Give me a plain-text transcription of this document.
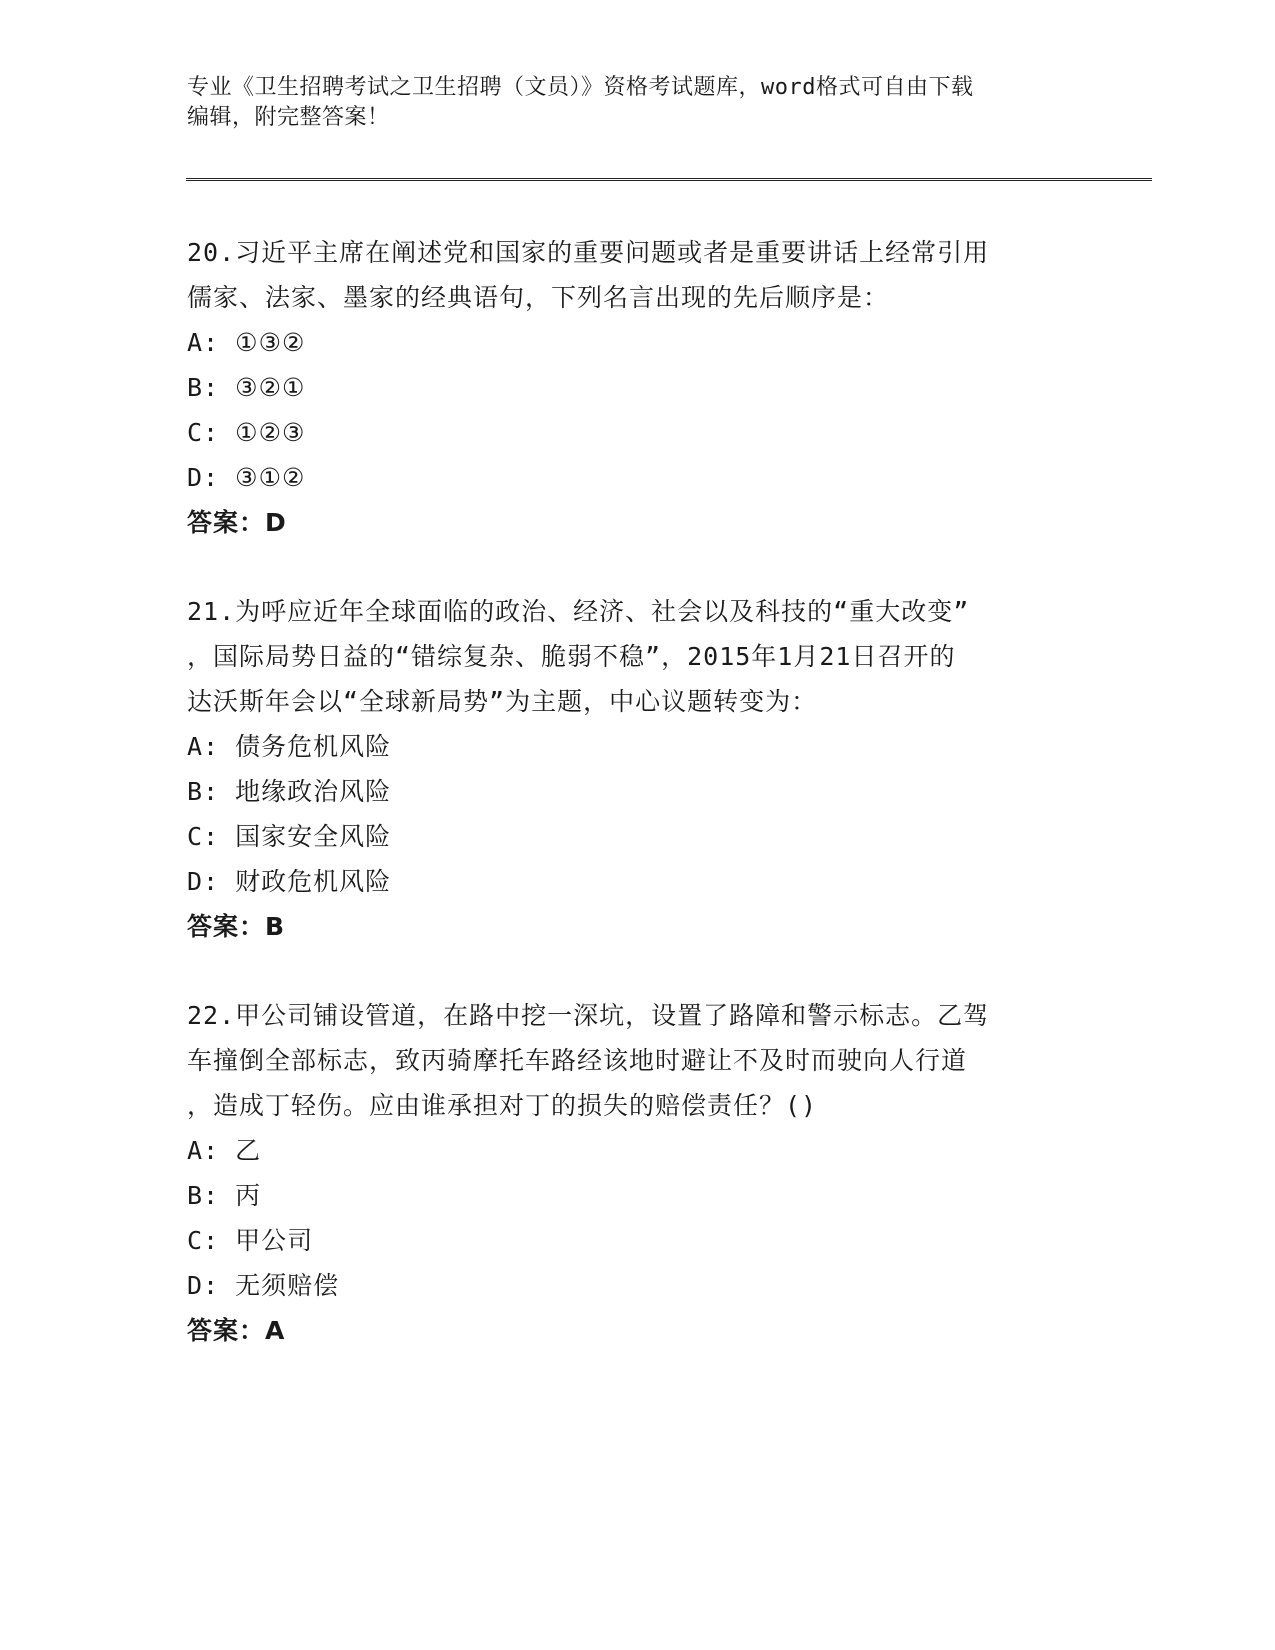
专业《卫生招聘考试之卫生招聘（文员）》资格考试题库，word格式可自由下载

编辑，附完整答案！

20.习近平主席在阐述党和国家的重要问题或者是重要讲话上经常引用

儒家、法家、墨家的经典语句，下列名言出现的先后顺序是：

A: ①③②

B: ③②①

C: ①②③

D: ③①②

答案：D

21.为呼应近年全球面临的政治、经济、社会以及科技的“重大改变”

，国际局势日益的“错综复杂、脆弱不稳”，2015年1月21日召开的

达沃斯年会以“全球新局势”为主题，中心议题转变为：

A: 债务危机风险

B: 地缘政治风险

C: 国家安全风险

D: 财政危机风险

答案：B

22.甲公司铺设管道，在路中挖一深坑，设置了路障和警示标志。乙驾

车撞倒全部标志，致丙骑摩托车路经该地时避让不及时而驶向人行道

，造成丁轻伤。应由谁承担对丁的损失的赔偿责任？()

A: 乙

B: 丙

C: 甲公司

D: 无须赔偿

答案：A
